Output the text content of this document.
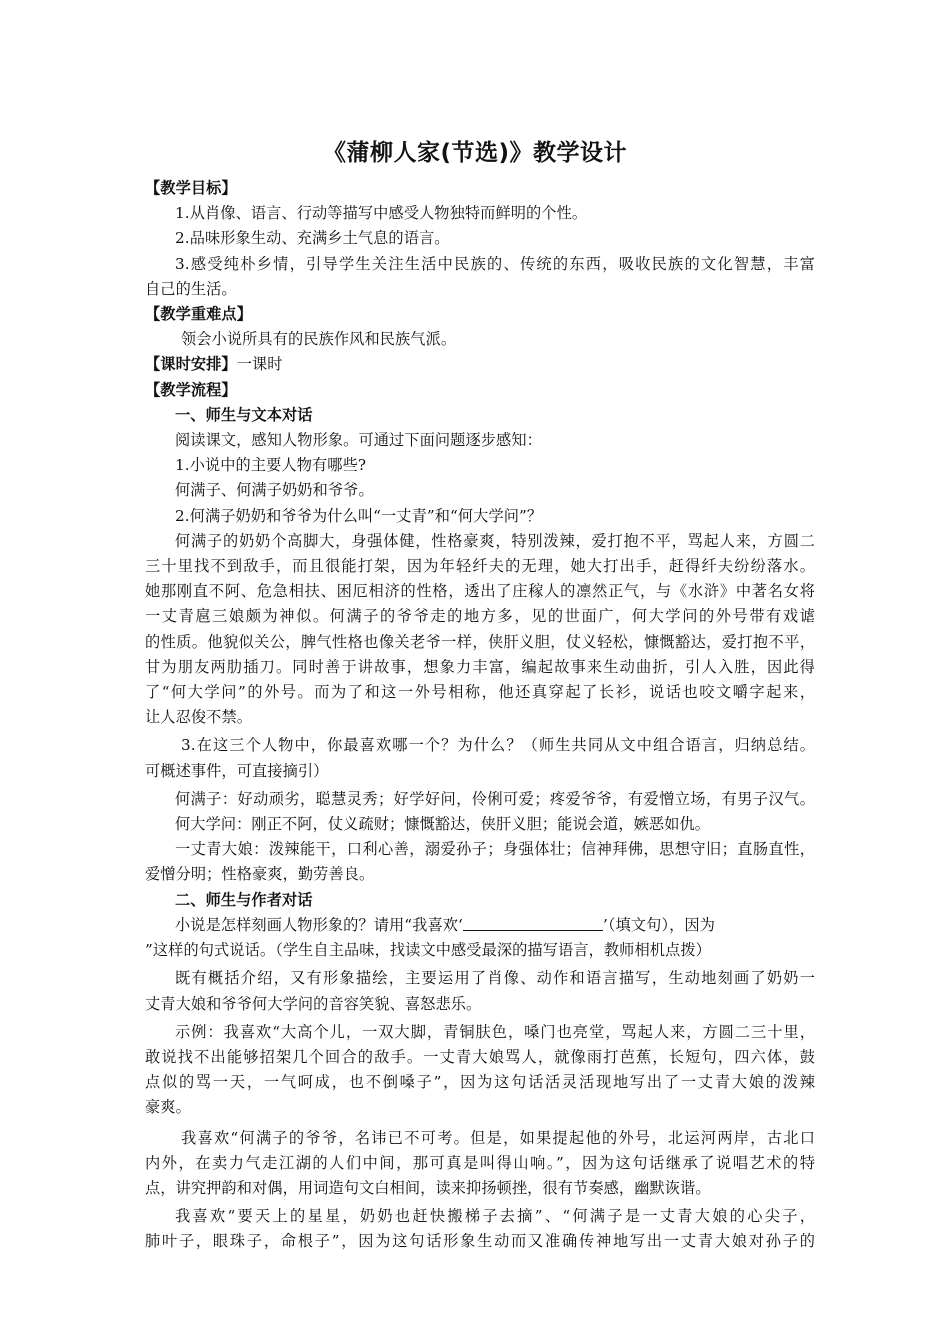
《蒲柳人家(节选)》教学设计
【教学目标】
1.从肖像、语言、行动等描写中感受人物独特而鲜明的个性。
2.品味形象生动、充满乡土气息的语言。
3.感受纯朴乡情，引导学生关注生活中民族的、传统的东西，吸收民族的文化智慧，丰富
自己的生活。
【教学重难点】
领会小说所具有的民族作风和民族气派。
【课时安排】一课时
【教学流程】
一、师生与文本对话
阅读课文，感知人物形象。可通过下面问题逐步感知：
1.小说中的主要人物有哪些?
何满子、何满子奶奶和爷爷。
2.何满子奶奶和爷爷为什么叫“一丈青”和“何大学问”？
何满子的奶奶个高脚大，身强体健，性格豪爽，特别泼辣，爱打抱不平，骂起人来，方圆二
三十里找不到敌手，而且很能打架，因为年轻纤夫的无理，她大打出手，赶得纤夫纷纷落水。
她那刚直不阿、危急相扶、困厄相济的性格，透出了庄稼人的凛然正气，与《水浒》中著名女将
一丈青扈三娘颇为神似。何满子的爷爷走的地方多，见的世面广，何大学问的外号带有戏谑
的性质。他貌似关公，脾气性格也像关老爷一样，侠肝义胆，仗义轻松，慷慨豁达，爱打抱不平，
甘为朋友两肋插刀。同时善于讲故事，想象力丰富，编起故事来生动曲折，引人入胜，因此得
了“何大学问”的外号。而为了和这一外号相称，他还真穿起了长衫，说话也咬文嚼字起来，
让人忍俊不禁。
3.在这三个人物中，你最喜欢哪一个？为什么？（师生共同从文中组合语言，归纳总结。
可概述事件，可直接摘引）
何满子：好动顽劣，聪慧灵秀；好学好问，伶俐可爱；疼爱爷爷，有爱憎立场，有男子汉气。
何大学问：刚正不阿，仗义疏财；慷慨豁达，侠肝义胆；能说会道，嫉恶如仇。
一丈青大娘：泼辣能干，口利心善，溺爱孙子；身强体壮；信神拜佛，思想守旧；直肠直性，
爱憎分明；性格豪爽，勤劳善良。
二、师生与作者对话
小说是怎样刻画人物形象的？请用“我喜欢‘	’（填文句），因为
”这样的句式说话。（学生自主品味，找读文中感受最深的描写语言，教师相机点拨）
既有概括介绍，又有形象描绘，主要运用了肖像、动作和语言描写，生动地刻画了奶奶一
丈青大娘和爷爷何大学问的音容笑貌、喜怒悲乐。
示例：我喜欢“大高个儿，一双大脚，青铜肤色，嗓门也亮堂，骂起人来，方圆二三十里，
敢说找不出能够招架几个回合的敌手。一丈青大娘骂人，就像雨打芭蕉，长短句，四六体，鼓
点似的骂一天，一气呵成，也不倒嗓子”，因为这句话活灵活现地写出了一丈青大娘的泼辣
豪爽。
我喜欢“何满子的爷爷，名讳已不可考。但是，如果提起他的外号，北运河两岸，古北口
内外，在卖力气走江湖的人们中间，那可真是叫得山响。”，因为这句话继承了说唱艺术的特
点，讲究押韵和对偶，用词造句文白相间，读来抑扬顿挫，很有节奏感，幽默诙谐。
我喜欢“要天上的星星，奶奶也赶快搬梯子去摘”、“何满子是一丈青大娘的心尖子，
肺叶子，眼珠子，命根子”，因为这句话形象生动而又准确传神地写出一丈青大娘对孙子的
